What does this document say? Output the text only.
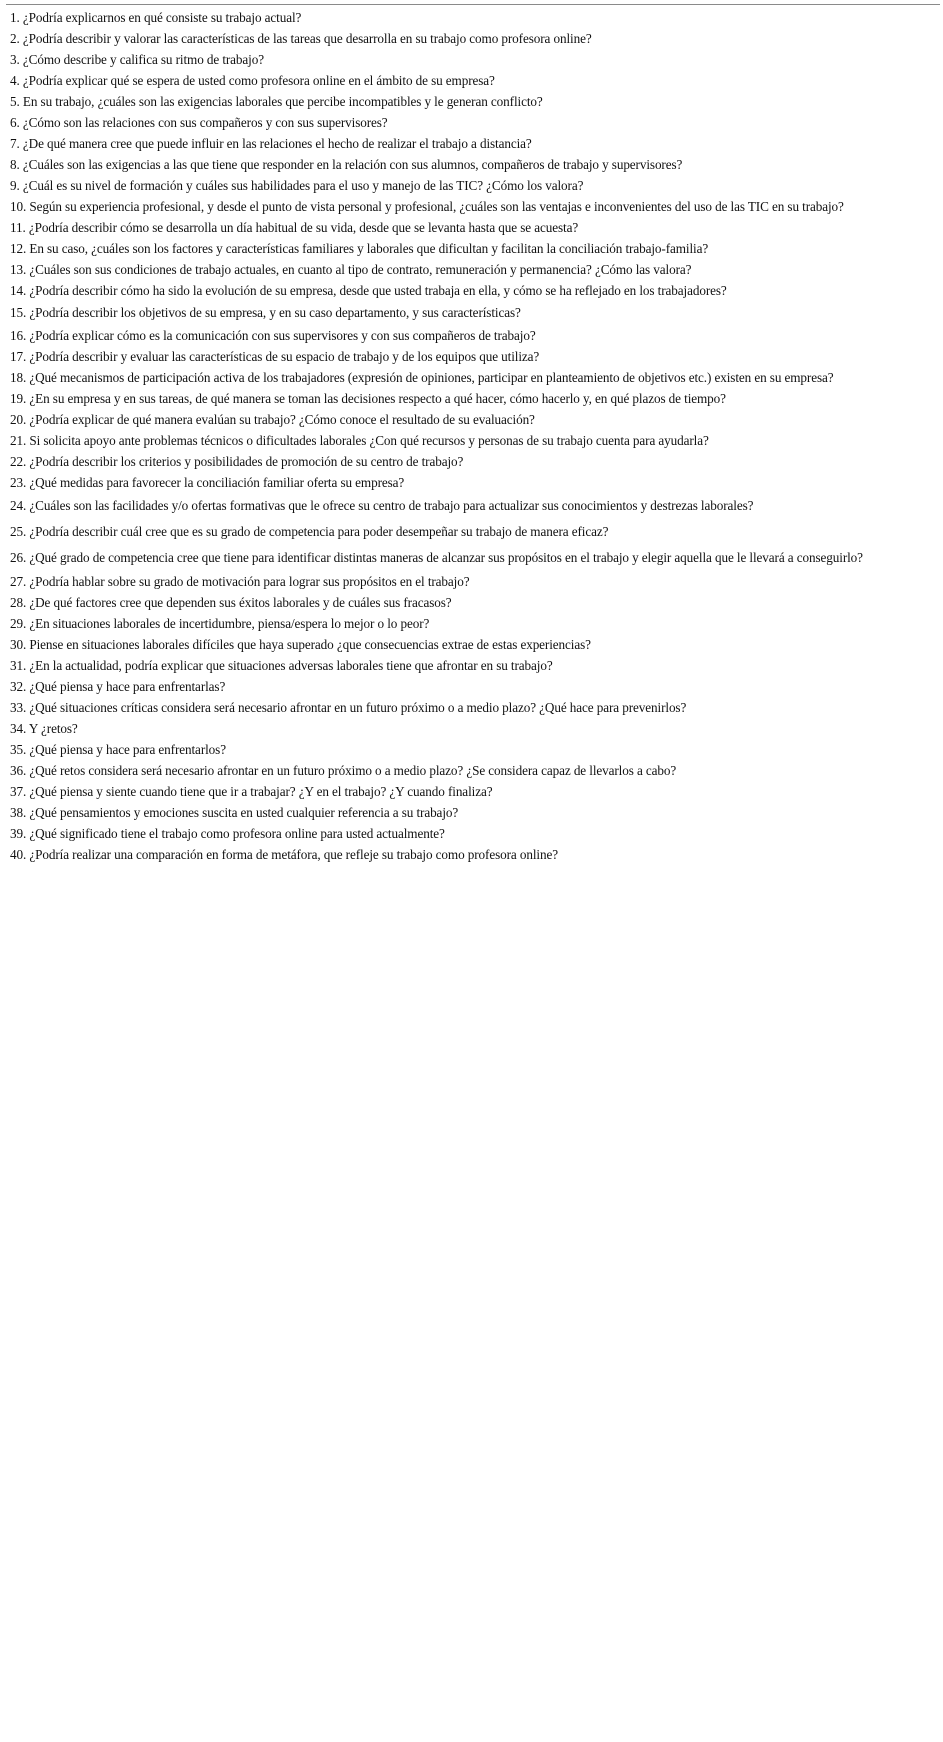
1. ¿Podría explicarnos en qué consiste su trabajo actual?
2. ¿Podría describir y valorar las características de las tareas que desarrolla en su trabajo como profesora online?
3. ¿Cómo describe y califica su ritmo de trabajo?
4. ¿Podría explicar qué se espera de usted como profesora online en el ámbito de su empresa?
5. En su trabajo, ¿cuáles son las exigencias laborales que percibe incompatibles y le generan conflicto?
6. ¿Cómo son las relaciones con sus compañeros y con sus supervisores?
7. ¿De qué manera cree que puede influir en las relaciones el hecho de realizar el trabajo a distancia?
8. ¿Cuáles son las exigencias a las que tiene que responder en la relación con sus alumnos, compañeros de trabajo y supervisores?
9. ¿Cuál es su nivel de formación y cuáles sus habilidades para el uso y manejo de las TIC? ¿Cómo los valora?
10. Según su experiencia profesional, y desde el punto de vista personal y profesional, ¿cuáles son las ventajas e inconvenientes del uso de las TIC en su trabajo?
11. ¿Podría describir cómo se desarrolla un día habitual de su vida, desde que se levanta hasta que se acuesta?
12. En su caso, ¿cuáles son los factores y características familiares y laborales que dificultan y facilitan la conciliación trabajo-familia?
13. ¿Cuáles son sus condiciones de trabajo actuales, en cuanto al tipo de contrato, remuneración y permanencia? ¿Cómo las valora?
14. ¿Podría describir cómo ha sido la evolución de su empresa, desde que usted trabaja en ella, y cómo se ha reflejado en los trabajadores?
15. ¿Podría describir los objetivos de su empresa, y en su caso departamento, y sus características?
16. ¿Podría explicar cómo es la comunicación con sus supervisores y con sus compañeros de trabajo?
17. ¿Podría describir y evaluar las características de su espacio de trabajo y de los equipos que utiliza?
18. ¿Qué mecanismos de participación activa de los trabajadores (expresión de opiniones, participar en planteamiento de objetivos etc.) existen en su empresa?
19. ¿En su empresa y en sus tareas, de qué manera se toman las decisiones respecto a qué hacer, cómo hacerlo y, en qué plazos de tiempo?
20. ¿Podría explicar de qué manera evalúan su trabajo? ¿Cómo conoce el resultado de su evaluación?
21. Si solicita apoyo ante problemas técnicos o dificultades laborales ¿Con qué recursos y personas de su trabajo cuenta para ayudarla?
22. ¿Podría describir los criterios y posibilidades de promoción de su centro de trabajo?
23. ¿Qué medidas para favorecer la conciliación familiar oferta su empresa?
24. ¿Cuáles son las facilidades y/o ofertas formativas que le ofrece su centro de trabajo para actualizar sus conocimientos y destrezas laborales?
25. ¿Podría describir cuál cree que es su grado de competencia para poder desempeñar su trabajo de manera eficaz?
26. ¿Qué grado de competencia cree que tiene para identificar distintas maneras de alcanzar sus propósitos en el trabajo y elegir aquella que le llevará a conseguirlo?
27. ¿Podría hablar sobre su grado de motivación para lograr sus propósitos en el trabajo?
28. ¿De qué factores cree que dependen sus éxitos laborales y de cuáles sus fracasos?
29. ¿En situaciones laborales de incertidumbre, piensa/espera lo mejor o lo peor?
30. Piense en situaciones laborales difíciles que haya superado ¿que consecuencias extrae de estas experiencias?
31. ¿En la actualidad, podría explicar que situaciones adversas laborales tiene que afrontar en su trabajo?
32. ¿Qué piensa y hace para enfrentarlas?
33. ¿Qué situaciones críticas considera será necesario afrontar en un futuro próximo o a medio plazo? ¿Qué hace para prevenirlos?
34. Y ¿retos?
35. ¿Qué piensa y hace para enfrentarlos?
36. ¿Qué retos considera será necesario afrontar en un futuro próximo o a medio plazo? ¿Se considera capaz de llevarlos a cabo?
37. ¿Qué piensa y siente cuando tiene que ir a trabajar? ¿Y en el trabajo? ¿Y cuando finaliza?
38. ¿Qué pensamientos y emociones suscita en usted cualquier referencia a su trabajo?
39. ¿Qué significado tiene el trabajo como profesora online para usted actualmente?
40. ¿Podría realizar una comparación en forma de metáfora, que refleje su trabajo como profesora online?
